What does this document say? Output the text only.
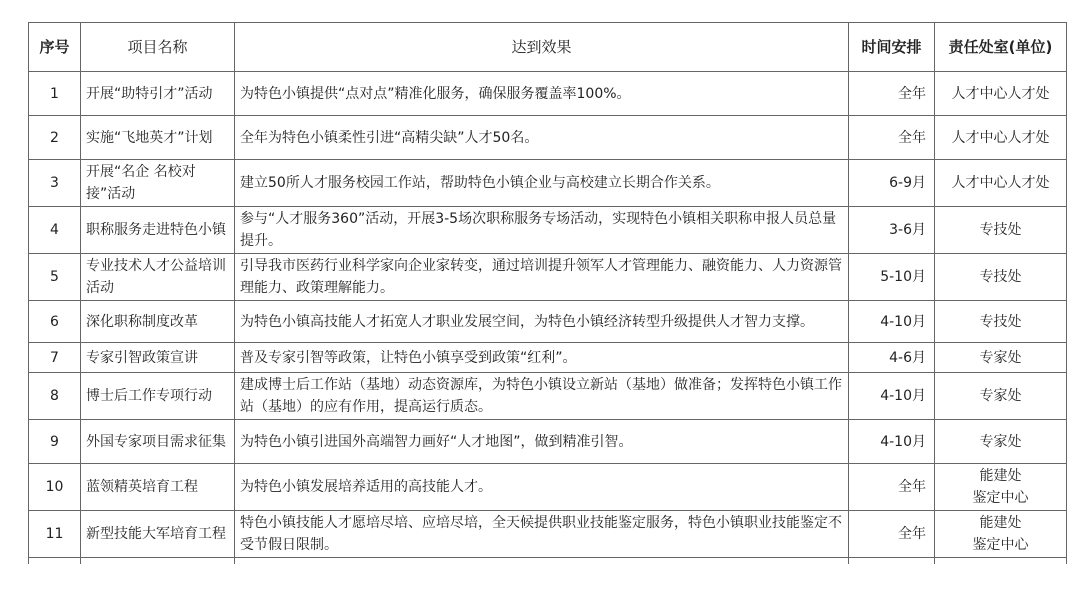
序号	项目名称	达到效果	时间安排	责任处室(单位)
1	开展“助特引才”活动	为特色小镇提供“点对点”精准化服务，确保服务覆盖率100%。	全年	人才中心人才处
2	实施“飞地英才”计划	全年为特色小镇柔性引进“高精尖缺”人才50名。	全年	人才中心人才处
3	开展“名企 名校对接”活动	建立50所人才服务校园工作站，帮助特色小镇企业与高校建立长期合作关系。	6-9月	人才中心人才处
4	职称服务走进特色小镇	参与“人才服务360”活动，开展3-5场次职称服务专场活动，实现特色小镇相关职称申报人员总量提升。	3-6月	专技处
5	专业技术人才公益培训活动	引导我市医药行业科学家向企业家转变，通过培训提升领军人才管理能力、融资能力、人力资源管理能力、政策理解能力。	5-10月	专技处
6	深化职称制度改革	为特色小镇高技能人才拓宽人才职业发展空间，为特色小镇经济转型升级提供人才智力支撑。	4-10月	专技处
7	专家引智政策宣讲	普及专家引智等政策，让特色小镇享受到政策“红利”。	4-6月	专家处
8	博士后工作专项行动	建成博士后工作站（基地）动态资源库，为特色小镇设立新站（基地）做准备；发挥特色小镇工作站（基地）的应有作用，提高运行质态。	4-10月	专家处
9	外国专家项目需求征集	为特色小镇引进国外高端智力画好“人才地图”，做到精准引智。	4-10月	专家处
10	蓝领精英培育工程	为特色小镇发展培养适用的高技能人才。	全年	能建处
鉴定中心
11	新型技能大军培育工程	特色小镇技能人才愿培尽培、应培尽培，全天候提供职业技能鉴定服务，特色小镇职业技能鉴定不受节假日限制。	全年	能建处
鉴定中心
